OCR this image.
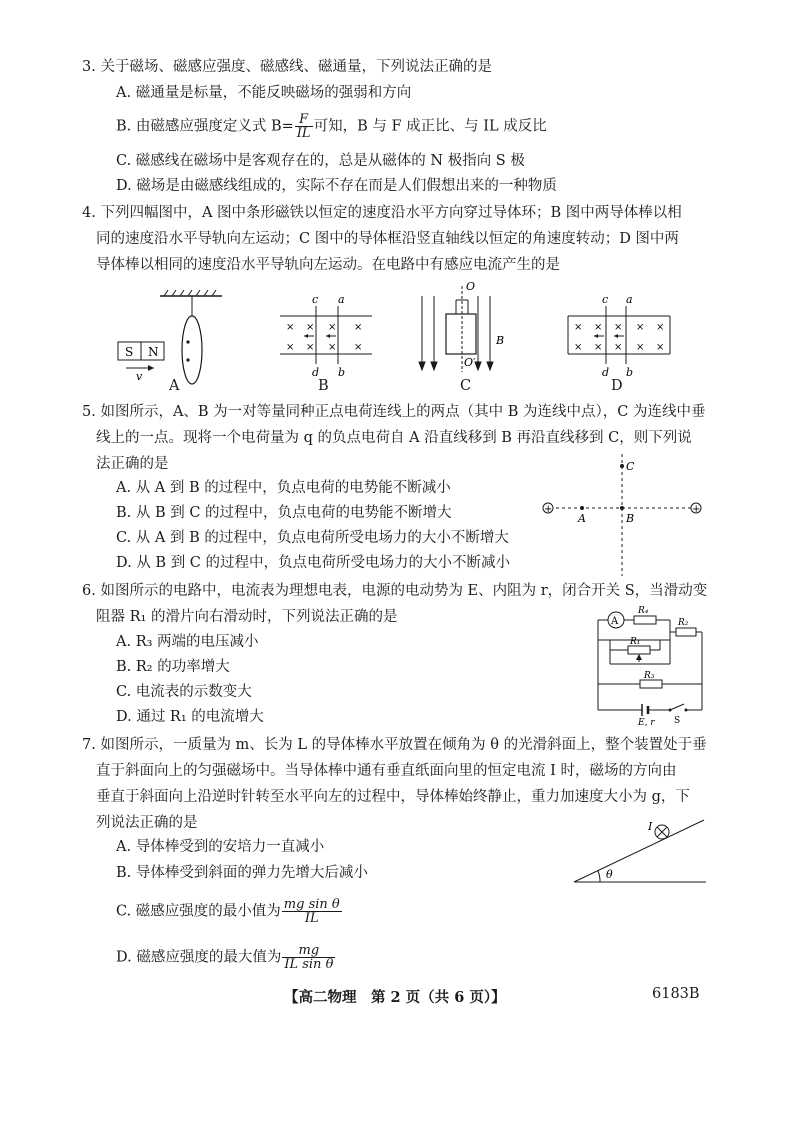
3. 关于磁场、磁感应强度、磁感线、磁通量，下列说法正确的是
A. 磁通量是标量，不能反映磁场的强弱和方向
B. 由磁感应强度定义式 $B= \frac{F}{IL}$ 可知，B 与 F 成正比、与 IL 成反比
C. 磁感线在磁场中是客观存在的，总是从磁体的 N 极指向 S 极
D. 磁场是由磁感线组成的，实际不存在而是人们假想出来的一种物质
4. 下列四幅图中，A 图中条形磁铁以恒定的速度沿水平方向穿过导体环；B 图中两导体棒以相
同的速度沿水平导轨向左运动；C 图中的导体框沿竖直轴线以恒定的角速度转动；D 图中两
导体棒以相同的速度沿水平导轨向左运动。在电路中有感应电流产生的是
S N
v
A
c a
d b
× × × ×
× × × ×
B
O
O′
B
C
c a
d b
× × × × ×
× × × × ×
D
5. 如图所示，A、B 为一对等量同种正点电荷连线上的两点（其中 B 为连线中点），C 为连线中垂
线上的一点。现将一个电荷量为 q 的负点电荷自 A 沿直线移到 B 再沿直线移到 C，则下列说
法正确的是
A. 从 A 到 B 的过程中，负点电荷的电势能不断减小
B. 从 B 到 C 的过程中，负点电荷的电势能不断增大
C. 从 A 到 B 的过程中，负点电荷所受电场力的大小不断增大
D. 从 B 到 C 的过程中，负点电荷所受电场力的大小不断减小
+	+
A	B
C
6. 如图所示的电路中，电流表为理想电表，电源的电动势为 E、内阻为 r，闭合开关 S，当滑动变
阻器 R₁ 的滑片向右滑动时，下列说法正确的是
A. R₃ 两端的电压减小
B. R₂ 的功率增大
C. 电流表的示数变大
D. 通过 R₁ 的电流增大
A
R₄
R₂
R₁
R₃
E, r S
7. 如图所示，一质量为 m、长为 L 的导体棒水平放置在倾角为 θ 的光滑斜面上，整个装置处于垂
直于斜面向上的匀强磁场中。当导体棒中通有垂直纸面向里的恒定电流 I 时，磁场的方向由
垂直于斜面向上沿逆时针转至水平向左的过程中，导体棒始终静止，重力加速度大小为 g，下
列说法正确的是
A. 导体棒受到的安培力一直减小
B. 导体棒受到斜面的弹力先增大后减小
C. 磁感应强度的最小值为 $\frac{\text{mg sin θ}}{IL}$
D. 磁感应强度的最大值为 $\frac{mg}{\text{IL sin θ}}$
θ
I
【高二物理　第 2 页（共 6 页）】	6183B
